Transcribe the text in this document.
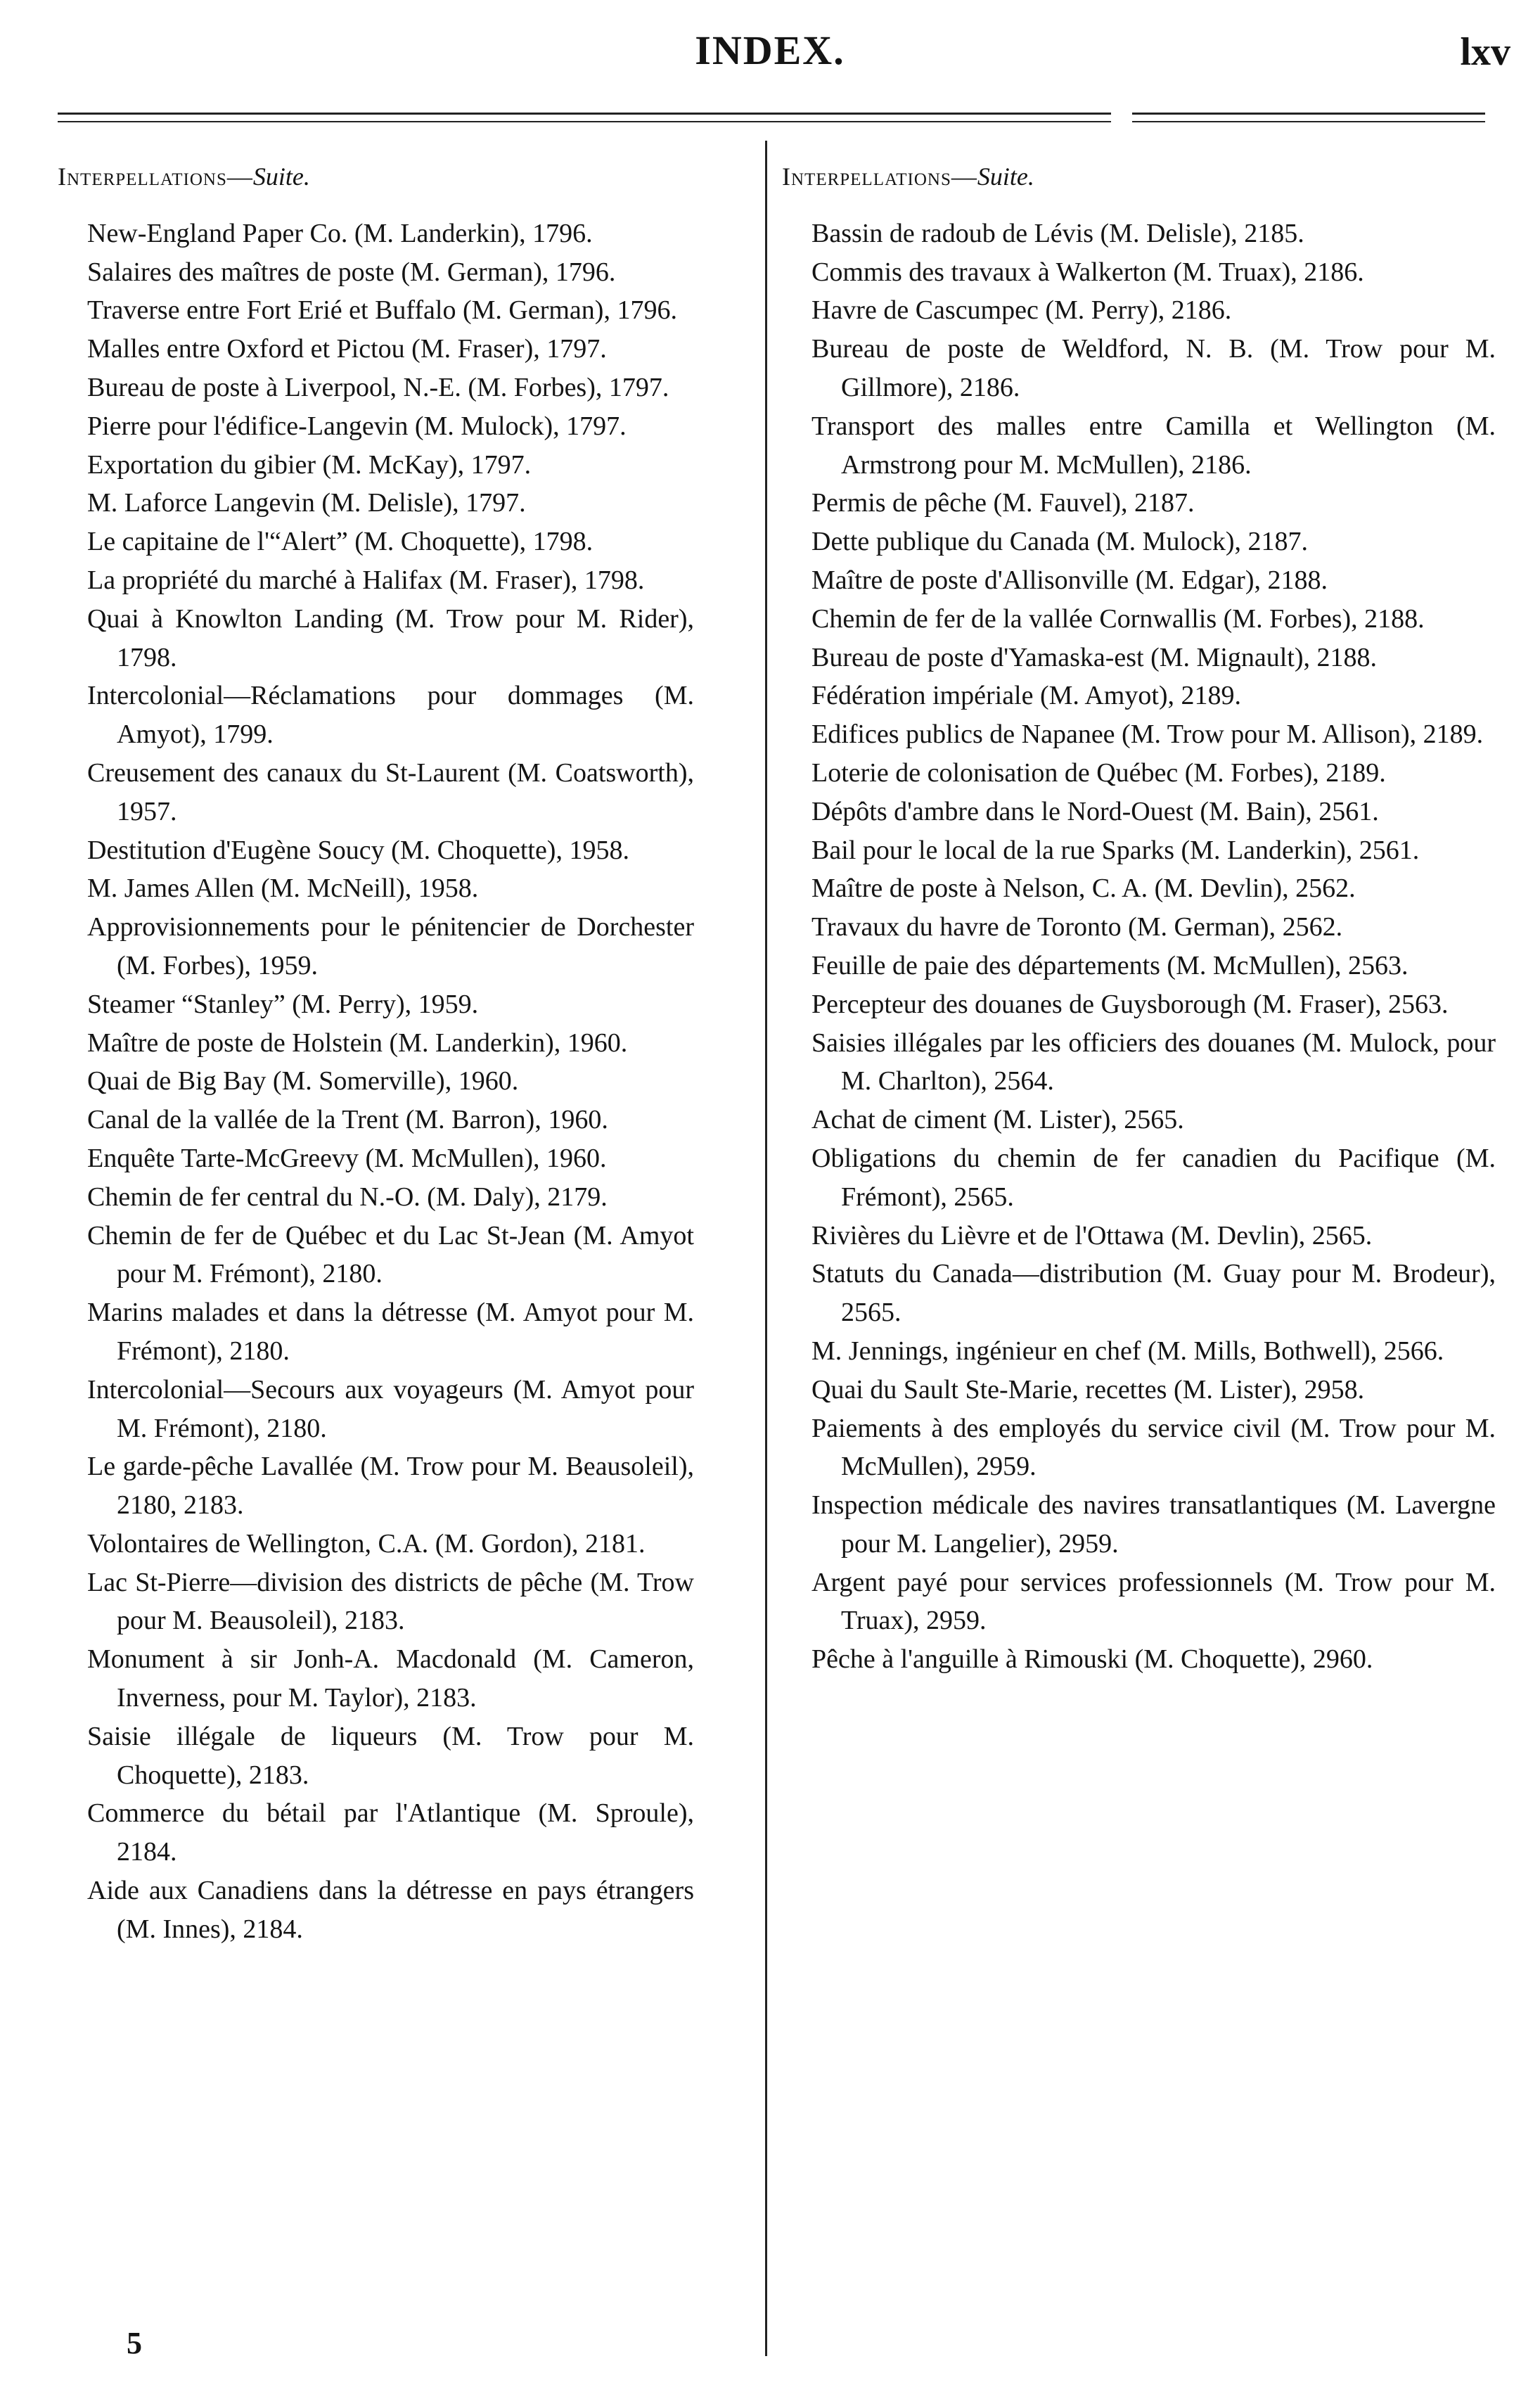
INDEX.	lxv
Interpellations—Suite.

New-England Paper Co. (M. Landerkin), 1796.

Salaires des maîtres de poste (M. German), 1796.

Traverse entre Fort Erié et Buffalo (M. German), 1796.

Malles entre Oxford et Pictou (M. Fraser), 1797.

Bureau de poste à Liverpool, N.-E. (M. Forbes), 1797.

Pierre pour l'édifice-Langevin (M. Mulock), 1797.

Exportation du gibier (M. McKay), 1797.

M. Laforce Langevin (M. Delisle), 1797.

Le capitaine de l'“Alert” (M. Choquette), 1798.

La propriété du marché à Halifax (M. Fraser), 1798.

Quai à Knowlton Landing (M. Trow pour M. Rider), 1798.

Intercolonial—Réclamations pour dommages (M. Amyot), 1799.

Creusement des canaux du St-Laurent (M. Coatsworth), 1957.

Destitution d'Eugène Soucy (M. Choquette), 1958.

M. James Allen (M. McNeill), 1958.

Approvisionnements pour le pénitencier de Dorchester (M. Forbes), 1959.

Steamer “Stanley” (M. Perry), 1959.

Maître de poste de Holstein (M. Landerkin), 1960.

Quai de Big Bay (M. Somerville), 1960.

Canal de la vallée de la Trent (M. Barron), 1960.

Enquête Tarte-McGreevy (M. McMullen), 1960.

Chemin de fer central du N.-O. (M. Daly), 2179.

Chemin de fer de Québec et du Lac St-Jean (M. Amyot pour M. Frémont), 2180.

Marins malades et dans la détresse (M. Amyot pour M. Frémont), 2180.

Intercolonial—Secours aux voyageurs (M. Amyot pour M. Frémont), 2180.

Le garde-pêche Lavallée (M. Trow pour M. Beausoleil), 2180, 2183.

Volontaires de Wellington, C.A. (M. Gordon), 2181.

Lac St-Pierre—division des districts de pêche (M. Trow pour M. Beausoleil), 2183.

Monument à sir Jonh-A. Macdonald (M. Cameron, Inverness, pour M. Taylor), 2183.

Saisie illégale de liqueurs (M. Trow pour M. Choquette), 2183.

Commerce du bétail par l'Atlantique (M. Sproule), 2184.

Aide aux Canadiens dans la détresse en pays étrangers (M. Innes), 2184.

Interpellations—Suite.

Bassin de radoub de Lévis (M. Delisle), 2185.

Commis des travaux à Walkerton (M. Truax), 2186.

Havre de Cascumpec (M. Perry), 2186.

Bureau de poste de Weldford, N. B. (M. Trow pour M. Gillmore), 2186.

Transport des malles entre Camilla et Wellington (M. Armstrong pour M. McMullen), 2186.

Permis de pêche (M. Fauvel), 2187.

Dette publique du Canada (M. Mulock), 2187.

Maître de poste d'Allisonville (M. Edgar), 2188.

Chemin de fer de la vallée Cornwallis (M. Forbes), 2188.

Bureau de poste d'Yamaska-est (M. Mignault), 2188.

Fédération impériale (M. Amyot), 2189.

Edifices publics de Napanee (M. Trow pour M. Allison), 2189.

Loterie de colonisation de Québec (M. Forbes), 2189.

Dépôts d'ambre dans le Nord-Ouest (M. Bain), 2561.

Bail pour le local de la rue Sparks (M. Landerkin), 2561.

Maître de poste à Nelson, C. A. (M. Devlin), 2562.

Travaux du havre de Toronto (M. German), 2562.

Feuille de paie des départements (M. McMullen), 2563.

Percepteur des douanes de Guysborough (M. Fraser), 2563.

Saisies illégales par les officiers des douanes (M. Mulock, pour M. Charlton), 2564.

Achat de ciment (M. Lister), 2565.

Obligations du chemin de fer canadien du Pacifique (M. Frémont), 2565.

Rivières du Lièvre et de l'Ottawa (M. Devlin), 2565.

Statuts du Canada—distribution (M. Guay pour M. Brodeur), 2565.

M. Jennings, ingénieur en chef (M. Mills, Bothwell), 2566.

Quai du Sault Ste-Marie, recettes (M. Lister), 2958.

Paiements à des employés du service civil (M. Trow pour M. McMullen), 2959.

Inspection médicale des navires transatlantiques (M. Lavergne pour M. Langelier), 2959.

Argent payé pour services professionnels (M. Trow pour M. Truax), 2959.

Pêche à l'anguille à Rimouski (M. Choquette), 2960.

5
